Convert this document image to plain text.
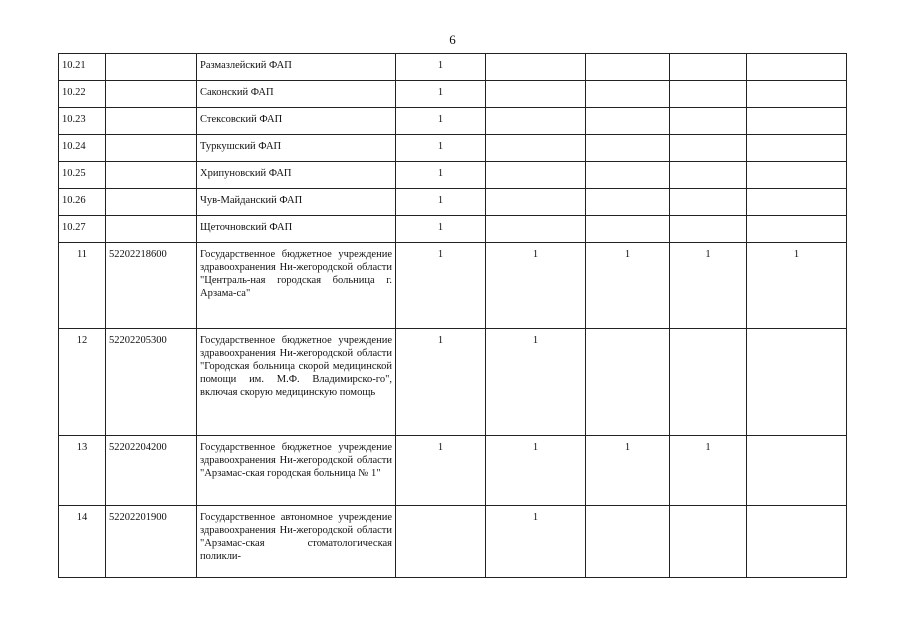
6
10.21		Размазлейский ФАП	1				
10.22		Саконский ФАП	1				
10.23		Стексовский ФАП	1				
10.24		Туркушский ФАП	1				
10.25		Хрипуновский ФАП	1				
10.26		Чув-Майданский ФАП	1				
10.27		Щеточновский ФАП	1				
11	52202218600	Государственное бюджетное учреждение здравоохранения Ни-жегородской области "Централь-ная городская больница г. Арзама-са"	1	1	1	1	1
12	52202205300	Государственное бюджетное учреждение здравоохранения Ни-жегородской области "Городская больница скорой медицинской помощи им. М.Ф. Владимирско-го", включая скорую медицинскую помощь	1	1			
13	52202204200	Государственное бюджетное учреждение здравоохранения Ни-жегородской области "Арзамас-ская городская больница № 1"	1	1	1	1	
14	52202201900	Государственное автономное учреждение здравоохранения Ни-жегородской области "Арзамас-ская стоматологическая поликли-		1			
